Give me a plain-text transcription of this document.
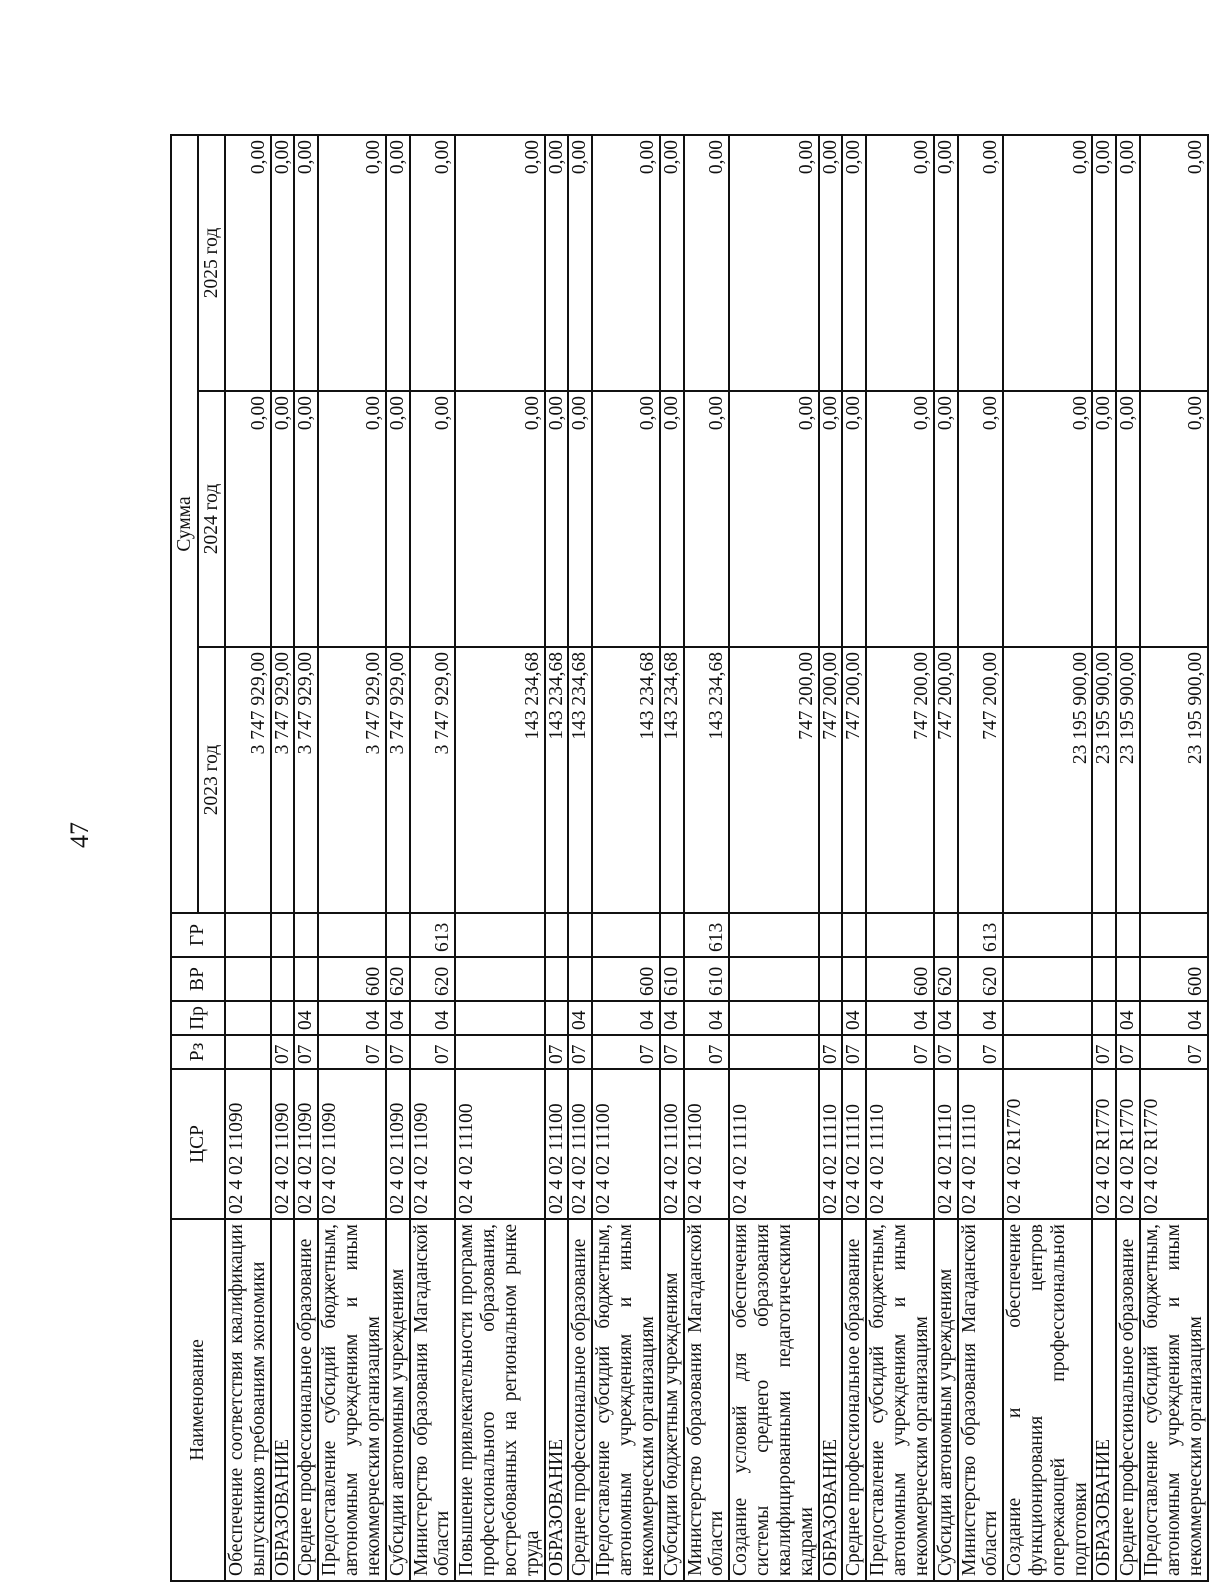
47
Наименование	ЦСР	Рз	Пр	ВР	ГР	Сумма		
						2023 год	2024 год	2025 год
Обеспечение соответствия квалификации выпускников требованиям экономики	02 4 02 11090					3 747 929,00	0,00	0,00
ОБРАЗОВАНИЕ	02 4 02 11090	07				3 747 929,00	0,00	0,00
Среднее профессиональное образование	02 4 02 11090	07	04			3 747 929,00	0,00	0,00
Предоставление субсидий бюджетным, автономным учреждениям и иным некоммерческим организациям	02 4 02 11090	07	04	600		3 747 929,00	0,00	0,00
Субсидии автономным учреждениям	02 4 02 11090	07	04	620		3 747 929,00	0,00	0,00
Министерство образования Магаданской области	02 4 02 11090	07	04	620	613	3 747 929,00	0,00	0,00
Повышение привлекательности программ профессионального образования, востребованных на региональном рынке труда	02 4 02 11100					143 234,68	0,00	0,00
ОБРАЗОВАНИЕ	02 4 02 11100	07				143 234,68	0,00	0,00
Среднее профессиональное образование	02 4 02 11100	07	04			143 234,68	0,00	0,00
Предоставление субсидий бюджетным, автономным учреждениям и иным некоммерческим организациям	02 4 02 11100	07	04	600		143 234,68	0,00	0,00
Субсидии бюджетным учреждениям	02 4 02 11100	07	04	610		143 234,68	0,00	0,00
Министерство образования Магаданской области	02 4 02 11100	07	04	610	613	143 234,68	0,00	0,00
Создание условий для обеспечения системы среднего образования квалифицированными педагогическими кадрами	02 4 02 11110					747 200,00	0,00	0,00
ОБРАЗОВАНИЕ	02 4 02 11110	07				747 200,00	0,00	0,00
Среднее профессиональное образование	02 4 02 11110	07	04			747 200,00	0,00	0,00
Предоставление субсидий бюджетным, автономным учреждениям и иным некоммерческим организациям	02 4 02 11110	07	04	600		747 200,00	0,00	0,00
Субсидии автономным учреждениям	02 4 02 11110	07	04	620		747 200,00	0,00	0,00
Министерство образования Магаданской области	02 4 02 11110	07	04	620	613	747 200,00	0,00	0,00
Создание и обеспечение функционирования центров опережающей профессиональной подготовки	02 4 02 R1770					23 195 900,00	0,00	0,00
ОБРАЗОВАНИЕ	02 4 02 R1770	07				23 195 900,00	0,00	0,00
Среднее профессиональное образование	02 4 02 R1770	07	04			23 195 900,00	0,00	0,00
Предоставление субсидий бюджетным, автономным учреждениям и иным некоммерческим организациям	02 4 02 R1770	07	04	600		23 195 900,00	0,00	0,00
